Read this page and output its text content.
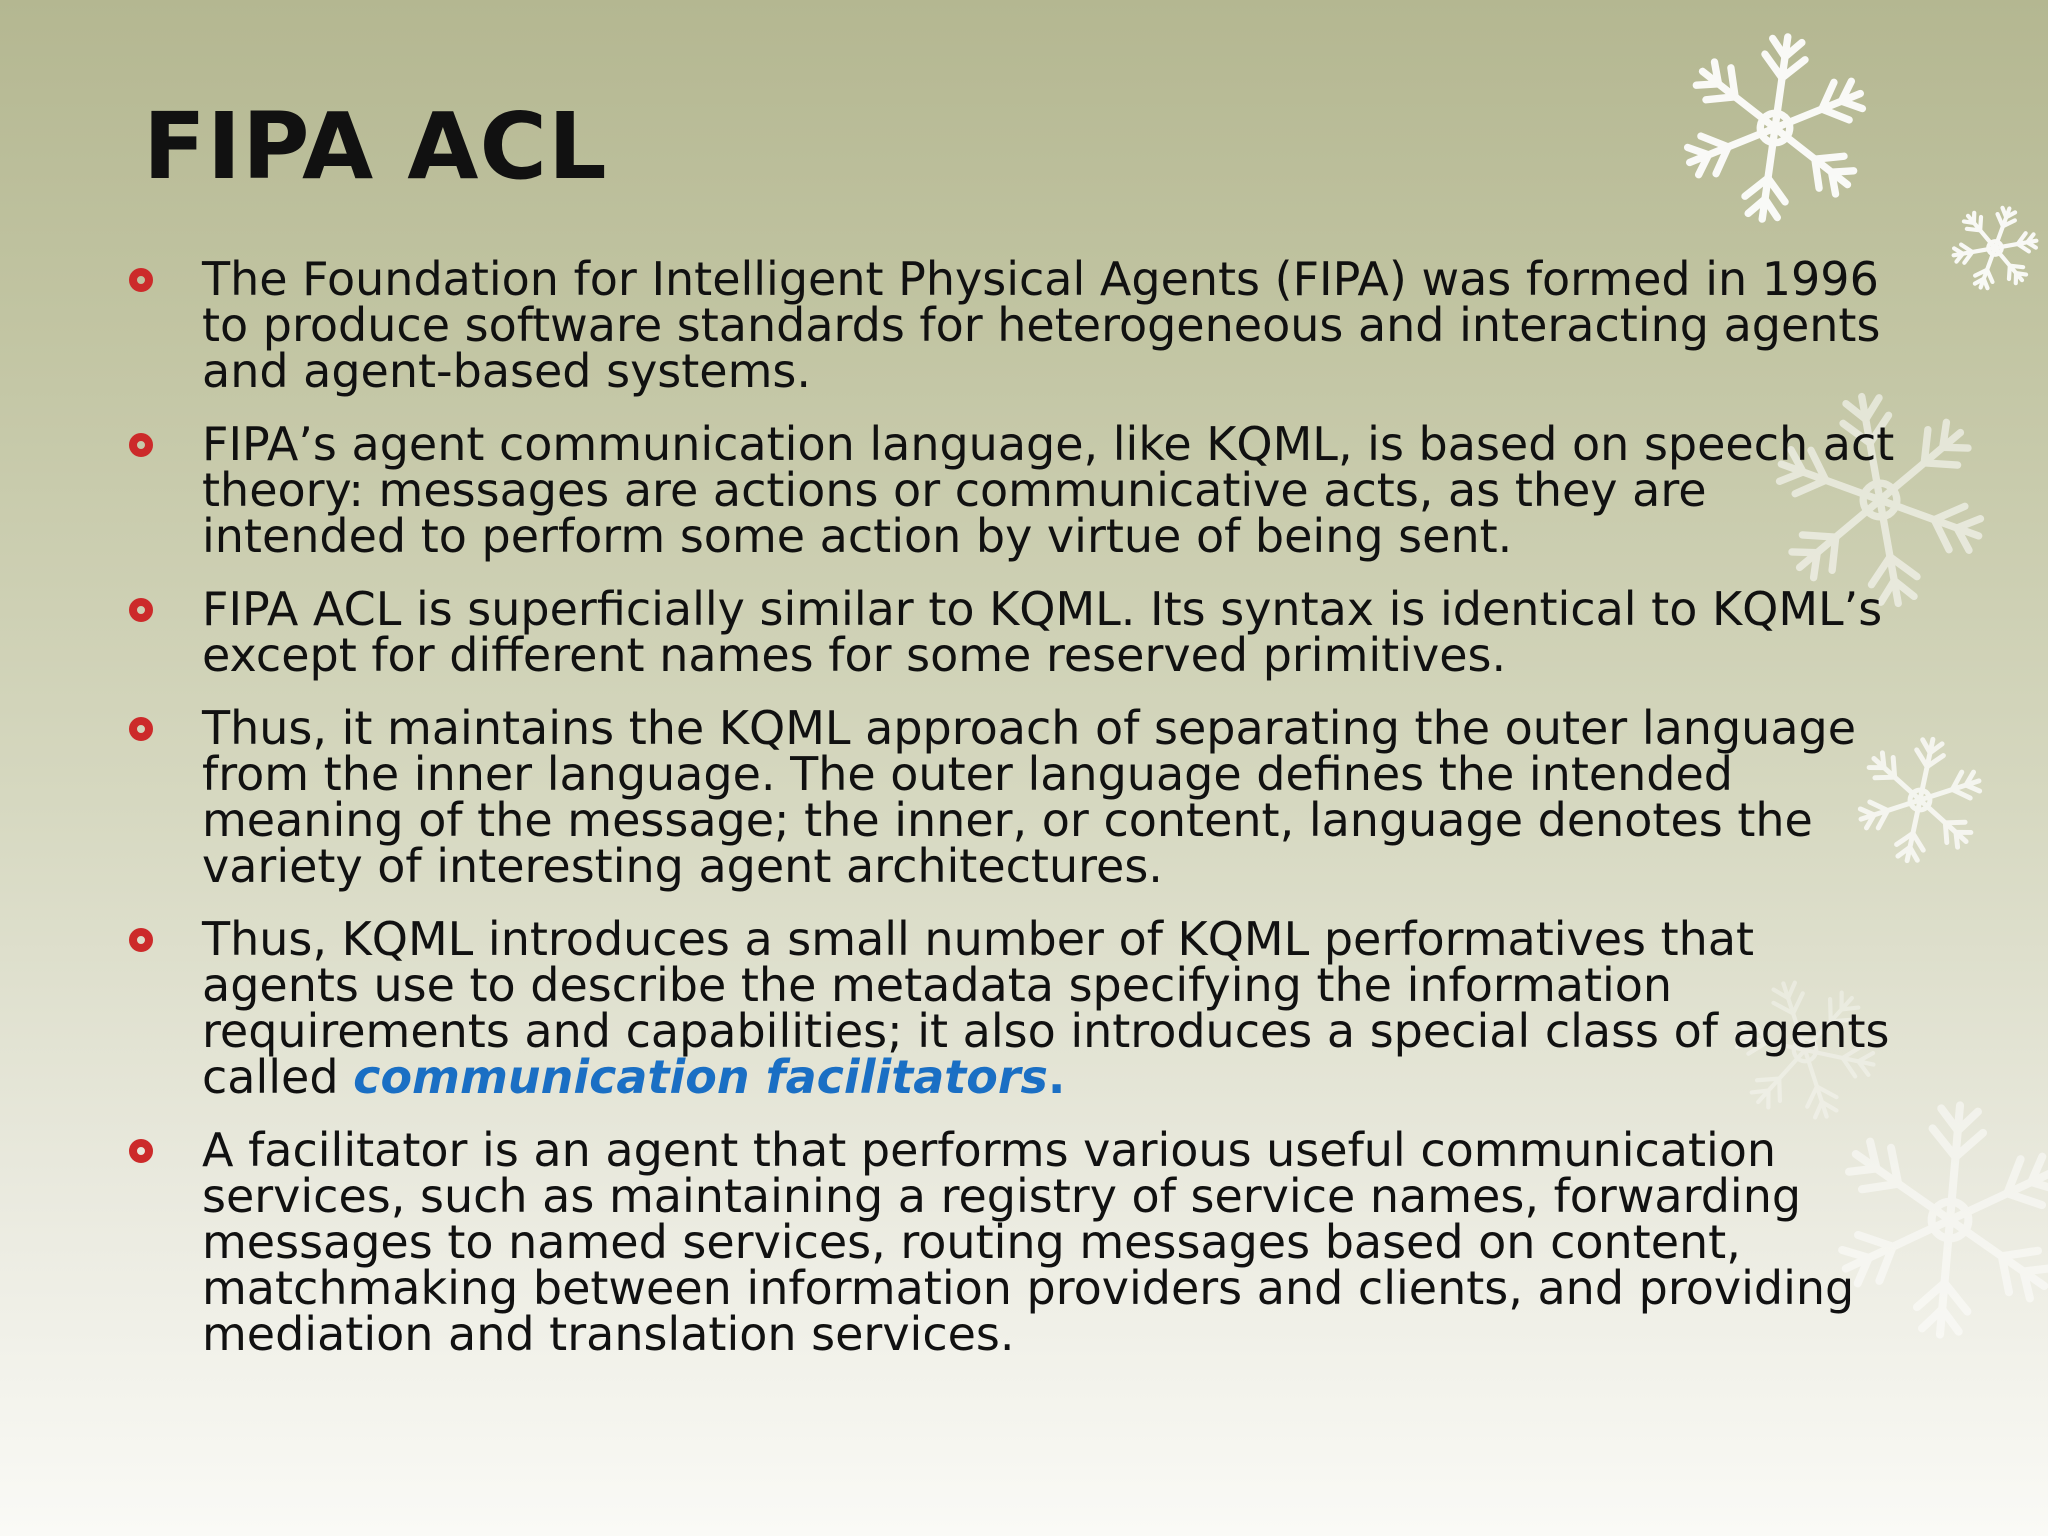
FIPA ACL
The Foundation for Intelligent Physical Agents (FIPA) was formed in 1996 to produce software standards for heterogeneous and interacting agents and agent-based systems.
FIPA’s agent communication language, like KQML, is based on speech act theory: messages are actions or communicative acts, as they are intended to perform some action by virtue of being sent.
FIPA ACL is superficially similar to KQML. Its syntax is identical to KQML’s except for different names for some reserved primitives.
Thus, it maintains the KQML approach of separating the outer language from the inner language. The outer language defines the intended meaning of the message; the inner, or content, language denotes the variety of interesting agent architectures.
Thus, KQML introduces a small number of KQML performatives that agents use to describe the metadata specifying the information requirements and capabilities; it also introduces a special class of agents called communication facilitators.
A facilitator is an agent that performs various useful communication services, such as maintaining a registry of service names, forwarding messages to named services, routing messages based on content, matchmaking between information providers and clients, and providing mediation and translation services.
